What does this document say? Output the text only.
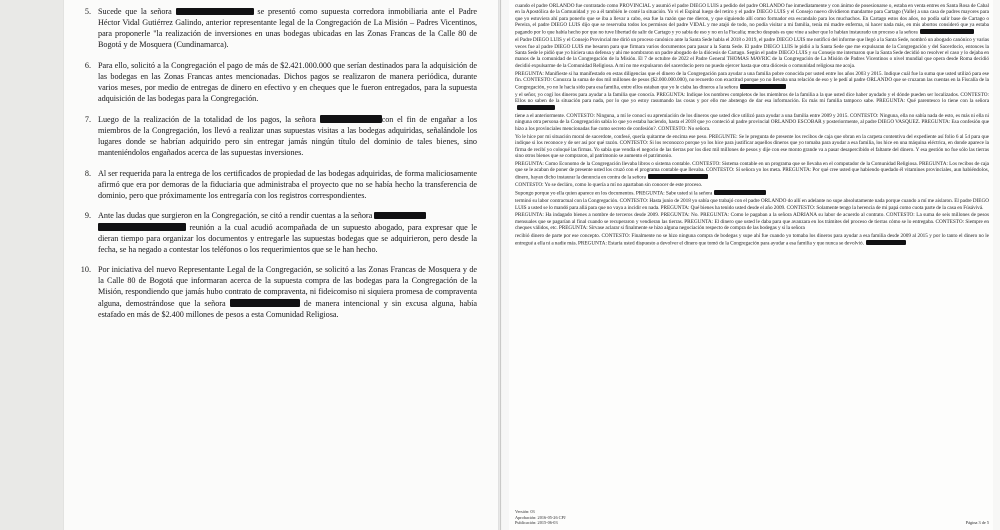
5. Sucede que la señora	se presentó como supuesta corredora inmobiliaria ante el Padre Héctor Vidal Gutiérrez Galindo, anterior representante legal de la Congregación de La Misión – Padres Vicentinos, para proponerle "la realización de inversiones en unas bodegas ubicadas en las Zonas Francas de la Calle 80 de Bogotá y de Mosquera (Cundinamarca).
6. Para ello, solicitó a la Congregación el pago de más de $2.421.000.000 que serían destinados para la adquisición de las bodegas en las Zonas Francas antes mencionadas. Dichos pagos se realizaron de manera periódica, durante varios meses, por medio de entregas de dinero en efectivo y en cheques que le fueron entregados, para la supuesta adquisición de las bodegas para la Congregación.
7. Luego de la realización de la totalidad de los pagos, la señora	con el fin de engañar a los miembros de la Congregación, los llevó a realizar unas supuestas visitas a las bodegas adquiridas, señalándole los lugares donde se habrían adquirido pero sin entregar jamás ningún título del dominio de tales bienes, sino manteniéndolos engañados acerca de las supuestas inversiones.
8. Al ser requerida para la entrega de los certificados de propiedad de las bodegas adquiridas, de forma maliciosamente afirmó que era por demoras de la fiduciaria que administraba el proyecto que no se había hecho la transferencia de dominio, pero que próximamente los entregaría con los registros correspondientes.
9. Ante las dudas que surgieron en la Congregación, se citó a rendir cuentas a la señora
reunión a la cual acudió acompañada de un supuesto abogado, para expresar que le dieran tiempo para organizar los documentos y entregarle las supuestas bodegas que se adquirieron, pero desde la fecha, se ha negado a contestar los teléfonos o los requerimientos que se le han hecho.
10. Por iniciativa del nuevo Representante Legal de la Congregación, se solicitó a las Zonas Francas de Mosquera y de la Calle 80 de Bogotá que informaran acerca de la supuesta compra de las bodegas para la Congregación de la Misión, respondiendo que jamás hubo contrato de compraventa, ni fideicomiso ni siquiera promesa de compraventa alguna, demostrándose que la señora	de manera intencional y sin excusa alguna, había estafado en más de $2.400 millones de pesos a esta Comunidad Religiosa.

cuando el padre ORLANDO fue contratado como PROVINCIAL y asumió el padre DIEGO LUIS a pedido del padre ORLANDO fue inmediatamente y con ánimo de posesionarse o, estaba en venta entres en Santa Rosa de Cabal en la Apostólica de la Comunidad y yo a él también le conté la situación. Yo vi el Espinal luego del retiro y el padre DIEGO LUIS y el Consejo nuevo dividieron mandarme para Cartago (Valle) a una casa de padres mayores para que yo estuviera ahí para ponerlo que se iba a llevar a cabo, esa fue la razón que me dieron, y que siguiendo allí como formador era escandalo para los muchachos. En Cartago estos dos años, no podía salir base de Cartago o Pereira, el padre DIEGO LUIS dijo que se reservaba todos los permisos del padre VIDAL y me atajó de todo, no podía visitar a mi familia, tenía mi madre enferma, ni hacer nada más, en mis abortos consideró que ya estaba pagando por lo que había hecho por que no tuve libertad de salir de Cartago y yo sabía de eso y no en la Fiscalía; mucho después es que vine a saber que lo habían instaurado un proceso a la señora

el Padre DIEGO LUIS y el Consejo Provincial me dirió un proceso canónico ante la Santa Sede habla el 2018 o 2019, el padre DIEGO LUIS me notificó del informe que llegó a la Santa Sede, nombró un abogado canónico y varias veces fue al padre DIEGO LUIS me besaron para que firmara varios documentos para pasar a la Santa Sede. El padre DIEGO LUIS le pidió a la Santa Sede que me expulsaran de la Congregación y del Sacerdocio, entonces la Santa Sede le pidió que yo hiciera una defensa y ahí me nombraron un padre abogado de la diócesis de Cartago. Según el padre DIEGO LUIS y su Consejo me internaron que la Santa Sede decidió no resolver el caso y lo dejaba en manos de la comunidad de la Congregación de la Misión. El 7 de octubre de 2022 el Padre General THOMAS MAVRIC de la Congregación de La Misión de Padres Vicentinos o nivel mundial que opera desde Roma decidió decidió expulsarme de la Comunidad Religiosa. A mí no me expulsaron del sacerdocio pero no puedo ejercer hasta que otra diócesis o comunidad religiosa me acoja.

PREGUNTA: Manifieste si ha manifestado en estas diligencias que el dinero de la Congregación para ayudar a una familia pobre conocida por usted entre los años 2003 y 2015. Indique cuál fue la suma que usted utilizó para ese fin. CONTESTO: Conozca la suma de dos mil millones de pesos ($2.000.000.000), no recuerdo con exactitud porque yo no llevaba una relación de eso y le pedí al padre ORLANDO que se cruzaran las cuentas en la Fiscalía de la Congregación, yo no le hacía sido para esa familia, entre ellos estaban que yo le ciaba las dineros a la señora

y el señor, yo cogí los dineros para ayudar a la familia que conocía. PREGUNTA: Indique los nombres completos de los miembros de la familia a la que usted dice haber ayudado y el dónde pueden ser localizados. CONTESTO: Ellos no saben de la situación para nada, por lo que yo estoy rasumando las cosas y por ello me abstengo de dar esa información. Es más mi familia tampoco sabe. PREGUNTA: Qué parentesco lo tiene con la señora

tiene a el anteriormente. CONTESTO: Ninguna, a mí le conocí su apremiación de los dineros que usted dice utilizó para ayudar a una familia entre 2009 y 2015. CONTESTO: Ninguna, ella no sabía nada de esto, es más ni ella ni ninguna otra persona de la Congregación sabía lo que yo estaba haciendo, hasta el 2018 que yo conteció al padre provincial ORLANDO ESCOBAR y posteriormente, al padre DIEGO VASQUEZ. PREGUNTA: Esa confesión que hizo a los provinciales mencionadas fue como secreto de confesión?. CONTESTO: No señora.

Yo le hice por mi situación moral de sacerdote, confesé, quería quitarme de encima ese peso. PREGUNTE: Se le pregunta de presente los recibos de caja que obran en la carpeta contentiva del expediente así folio 6 al 54 para que indique si los reconoce y de ser así por qué razón. CONTESTO: Si los reconozco porque yo los hice para justificar aquellos dineros que yo tomaba para ayudar a esa familia, los hice en una máquina eléctrica, en donde aparece la firma de recibí yo coloqué las firmas. Yo sabía que vendía el negocio de las tierras por los diez mil millones de pesos y dije con ese monto grande va a pasar desapercibido el faltante del dinero. Y esa gestión no fue sólo las tierras sino otros bienes que se compraron, al patrimonio se aumento el patrimonio.

PREGUNTA: Como Economo de la Congregación llevaba libros o sistema contable. CONTESTO: Sistema contable en un programa que se llevaba en el computador de la Comunidad Religiosa. PREGUNTA: Los recibos de caja que se le acaban de poner de presente usted los cruzó con el programa contable que llevaba. CONTESTO: Sí señora yo los meta. PREGUNTA: Por qué cree usted que habiendo quedado él vitamines provinciales, aun habiéndolos, dinero, hayan dicho instaurar la denuncia en contra de la señora

CONTESTO: Yo se decláro, como lo quería a mí no apartaban sin conocer de este proceso.

Supongo porque yo ella quien aparece en los documentos. PREGUNTA: Sabe usted si la señora

terminó su labor contractual con la Congregación. CONTESTO: Hasta junio de 2018 yo sabía que trabajó con el padre ORLANDO do allí en adelante no supe absolutamente nada porque cuando a mí me aislaron. El padre DIEGO LUIS a usted se lo mandó para allá para que no vaya a incidir en nada. PREGUNTA: Qué bienes ha tenido usted desde el año 2009. CONTESTO: Solamente tengo la herencia de mi papá como cuota parte de la casa en Fúsávivá.

PREGUNTA: Ha indagado bienes a nombre de terceros desde 2009. PREGUNTA: No. PREGUNTA: Como le pagaban a la señora ADRIANA su labor de acuerdo al contrato. CONTESTO: La suma de seis millones de pesos mensuales que se pagarían al final cuando se recuperaron y vendieran las tierras. PREGUNTA: El dinero que usted le daba para que avanzara en los trámites del proceso de tierras cómo se lo entregaba. CONTESTO: Siempre en cheques válidos, etc. PREGUNTA: Sírvase aclarar si finalmente se hizo alguna negociación respecto de compra de las bodegas y si la señora

recibió dinero de parte por ese concepto. CONTESTO: Finalmente no se hizo ninguna compra de bodegas y supe ahí fue cuando yo tomaba los dineros para ayudar a esa familia desde 2009 al 2015 y por lo tanto el dinero no le entregué a ella ni a nadie más. PREGUNTA: Estaría usted dispuesto a devolver el dinero que tomó de la Congregación para ayudar a esa familia y que nunca se devolvió.

Versión: 03
Aprobación: 2016-05-26 CPJ
Publicación: 2015-06-03	Página 3 de 5
